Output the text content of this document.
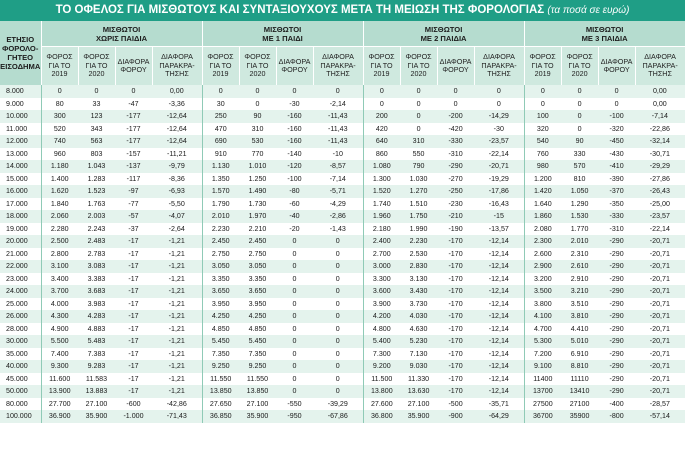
ΤΟ ΟΦΕΛΟΣ ΓΙΑ ΜΙΣΘΩΤΟΥΣ ΚΑΙ ΣΥΝΤΑΞΙΟΥΧΟΥΣ ΜΕΤΑ ΤΗ ΜΕΙΩΣΗ ΤΗΣ ΦΟΡΟΛΟΓΙΑΣ (τα ποσά σε ευρώ)
ΕΤΗΣΙΟ ΦΟΡΟΛΟ- ΓΗΤΕΟ ΕΙΣΟΔΗΜΑ	ΜΙΣΘΩΤΟΙ
ΧΩΡΙΣ ΠΑΙΔΙΑ				ΜΙΣΘΩΤΟΙ
ΜΕ 1 ΠΑΙΔΙ				ΜΙΣΘΩΤΟΙ
ΜΕ 2 ΠΑΙΔΙΑ				ΜΙΣΘΩΤΟΙ
ΜΕ 3 ΠΑΙΔΙΑ			
	ΦΟΡΟΣ ΓΙΑ ΤΟ 2019	ΦΟΡΟΣ ΓΙΑ ΤΟ 2020	ΔΙΑΦΟΡΑ ΦΟΡΟΥ	ΔΙΑΦΟΡΑ ΠΑΡΑΚΡΑ- ΤΗΣΗΣ	ΦΟΡΟΣ ΓΙΑ ΤΟ 2019	ΦΟΡΟΣ ΓΙΑ ΤΟ 2020	ΔΙΑΦΟΡΑ ΦΟΡΟΥ	ΔΙΑΦΟΡΑ ΠΑΡΑΚΡΑ- ΤΗΣΗΣ	ΦΟΡΟΣ ΓΙΑ ΤΟ 2019	ΦΟΡΟΣ ΓΙΑ ΤΟ 2020	ΔΙΑΦΟΡΑ ΦΟΡΟΥ	ΔΙΑΦΟΡΑ ΠΑΡΑΚΡΑ- ΤΗΣΗΣ	ΦΟΡΟΣ ΓΙΑ ΤΟ 2019	ΦΟΡΟΣ ΓΙΑ ΤΟ 2020	ΔΙΑΦΟΡΑ ΦΟΡΟΥ	ΔΙΑΦΟΡΑ ΠΑΡΑΚΡΑ- ΤΗΣΗΣ
8.000	0	0	0	0,00	0	0	0	0	0	0	0	0	0	0	0	0,00
9.000	80	33	-47	-3,36	30	0	-30	-2,14	0	0	0	0	0	0	0	0,00
10.000	300	123	-177	-12,64	250	90	-160	-11,43	200	0	-200	-14,29	100	0	-100	-7,14
11.000	520	343	-177	-12,64	470	310	-160	-11,43	420	0	-420	-30	320	0	-320	-22,86
12.000	740	563	-177	-12,64	690	530	-160	-11,43	640	310	-330	-23,57	540	90	-450	-32,14
13.000	960	803	-157	-11,21	910	770	-140	-10	860	550	-310	-22,14	760	330	-430	-30,71
14.000	1.180	1.043	-137	-9,79	1.130	1.010	-120	-8,57	1.080	790	-290	-20,71	980	570	-410	-29,29
15.000	1.400	1.283	-117	-8,36	1.350	1.250	-100	-7,14	1.300	1.030	-270	-19,29	1.200	810	-390	-27,86
16.000	1.620	1.523	-97	-6,93	1.570	1.490	-80	-5,71	1.520	1.270	-250	-17,86	1.420	1.050	-370	-26,43
17.000	1.840	1.763	-77	-5,50	1.790	1.730	-60	-4,29	1.740	1.510	-230	-16,43	1.640	1.290	-350	-25,00
18.000	2.060	2.003	-57	-4,07	2.010	1.970	-40	-2,86	1.960	1.750	-210	-15	1.860	1.530	-330	-23,57
19.000	2.280	2.243	-37	-2,64	2.230	2.210	-20	-1,43	2.180	1.990	-190	-13,57	2.080	1.770	-310	-22,14
20.000	2.500	2.483	-17	-1,21	2.450	2.450	0	0	2.400	2.230	-170	-12,14	2.300	2.010	-290	-20,71
21.000	2.800	2.783	-17	-1,21	2.750	2.750	0	0	2.700	2.530	-170	-12,14	2.600	2.310	-290	-20,71
22.000	3.100	3.083	-17	-1,21	3.050	3.050	0	0	3.000	2.830	-170	-12,14	2.900	2.610	-290	-20,71
23.000	3.400	3.383	-17	-1,21	3.350	3.350	0	0	3.300	3.130	-170	-12,14	3.200	2.910	-290	-20,71
24.000	3.700	3.683	-17	-1,21	3.650	3.650	0	0	3.600	3.430	-170	-12,14	3.500	3.210	-290	-20,71
25.000	4.000	3.983	-17	-1,21	3.950	3.950	0	0	3.900	3.730	-170	-12,14	3.800	3.510	-290	-20,71
26.000	4.300	4.283	-17	-1,21	4.250	4.250	0	0	4.200	4.030	-170	-12,14	4.100	3.810	-290	-20,71
28.000	4.900	4.883	-17	-1,21	4.850	4.850	0	0	4.800	4.630	-170	-12,14	4.700	4.410	-290	-20,71
30.000	5.500	5.483	-17	-1,21	5.450	5.450	0	0	5.400	5.230	-170	-12,14	5.300	5.010	-290	-20,71
35.000	7.400	7.383	-17	-1,21	7.350	7.350	0	0	7.300	7.130	-170	-12,14	7.200	6.910	-290	-20,71
40.000	9.300	9.283	-17	-1,21	9.250	9.250	0	0	9.200	9.030	-170	-12,14	9.100	8.810	-290	-20,71
45.000	11.600	11.583	-17	-1,21	11.550	11.550	0	0	11.500	11.330	-170	-12,14	11400	11110	-290	-20,71
50.000	13.900	13.883	-17	-1,21	13.850	13.850	0	0	13.800	13.630	-170	-12,14	13700	13410	-290	-20,71
80.000	27.700	27.100	-600	-42,86	27.650	27.100	-550	-39,29	27.600	27.100	-500	-35,71	27500	27100	-400	-28,57
100.000	36.900	35.900	-1.000	-71,43	36.850	35.900	-950	-67,86	36.800	35.900	-900	-64,29	36700	35900	-800	-57,14
